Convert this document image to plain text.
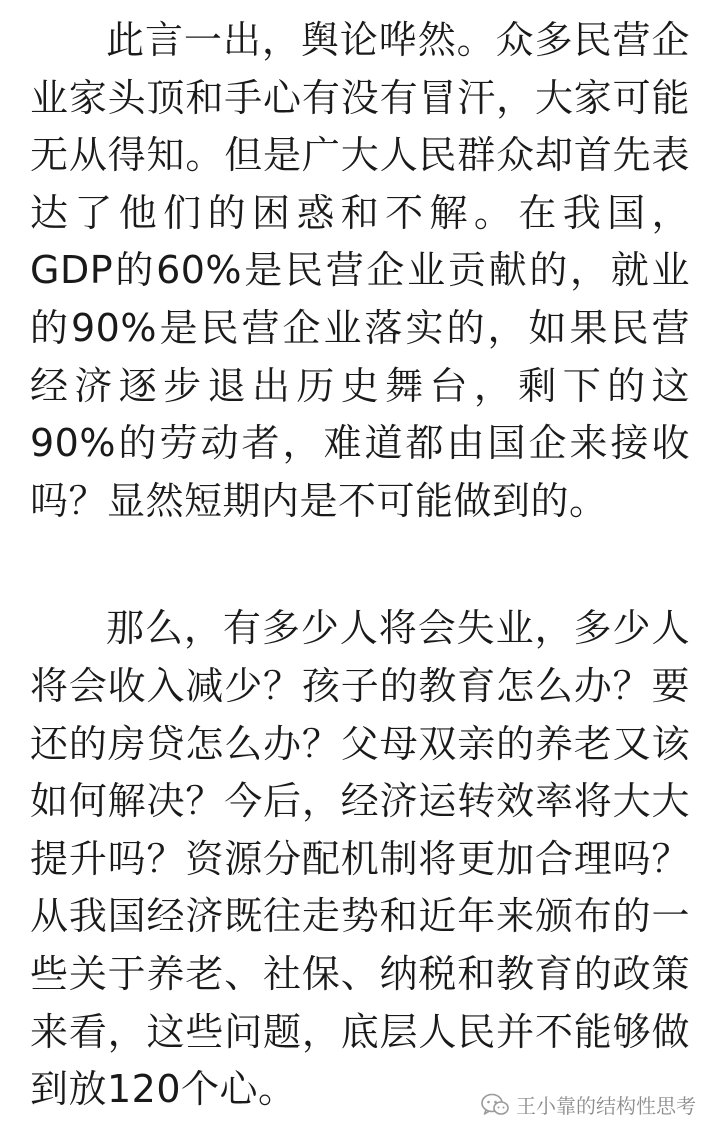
此言一出，舆论哗然。众多民营企业家头顶和手心有没有冒汗，大家可能无从得知。但是广大人民群众却首先表达了他们的困惑和不解。在我国，GDP的60%是民营企业贡献的，就业的90%是民营企业落实的，如果民营经济逐步退出历史舞台，剩下的这90%的劳动者，难道都由国企来接收吗？显然短期内是不可能做到的。

那么，有多少人将会失业，多少人将会收入减少？孩子的教育怎么办？要还的房贷怎么办？父母双亲的养老又该如何解决？今后，经济运转效率将大大提升吗？资源分配机制将更加合理吗？从我国经济既往走势和近年来颁布的一些关于养老、社保、纳税和教育的政策来看，这些问题，底层人民并不能够做到放120个心。	王小靠的结构性思考
